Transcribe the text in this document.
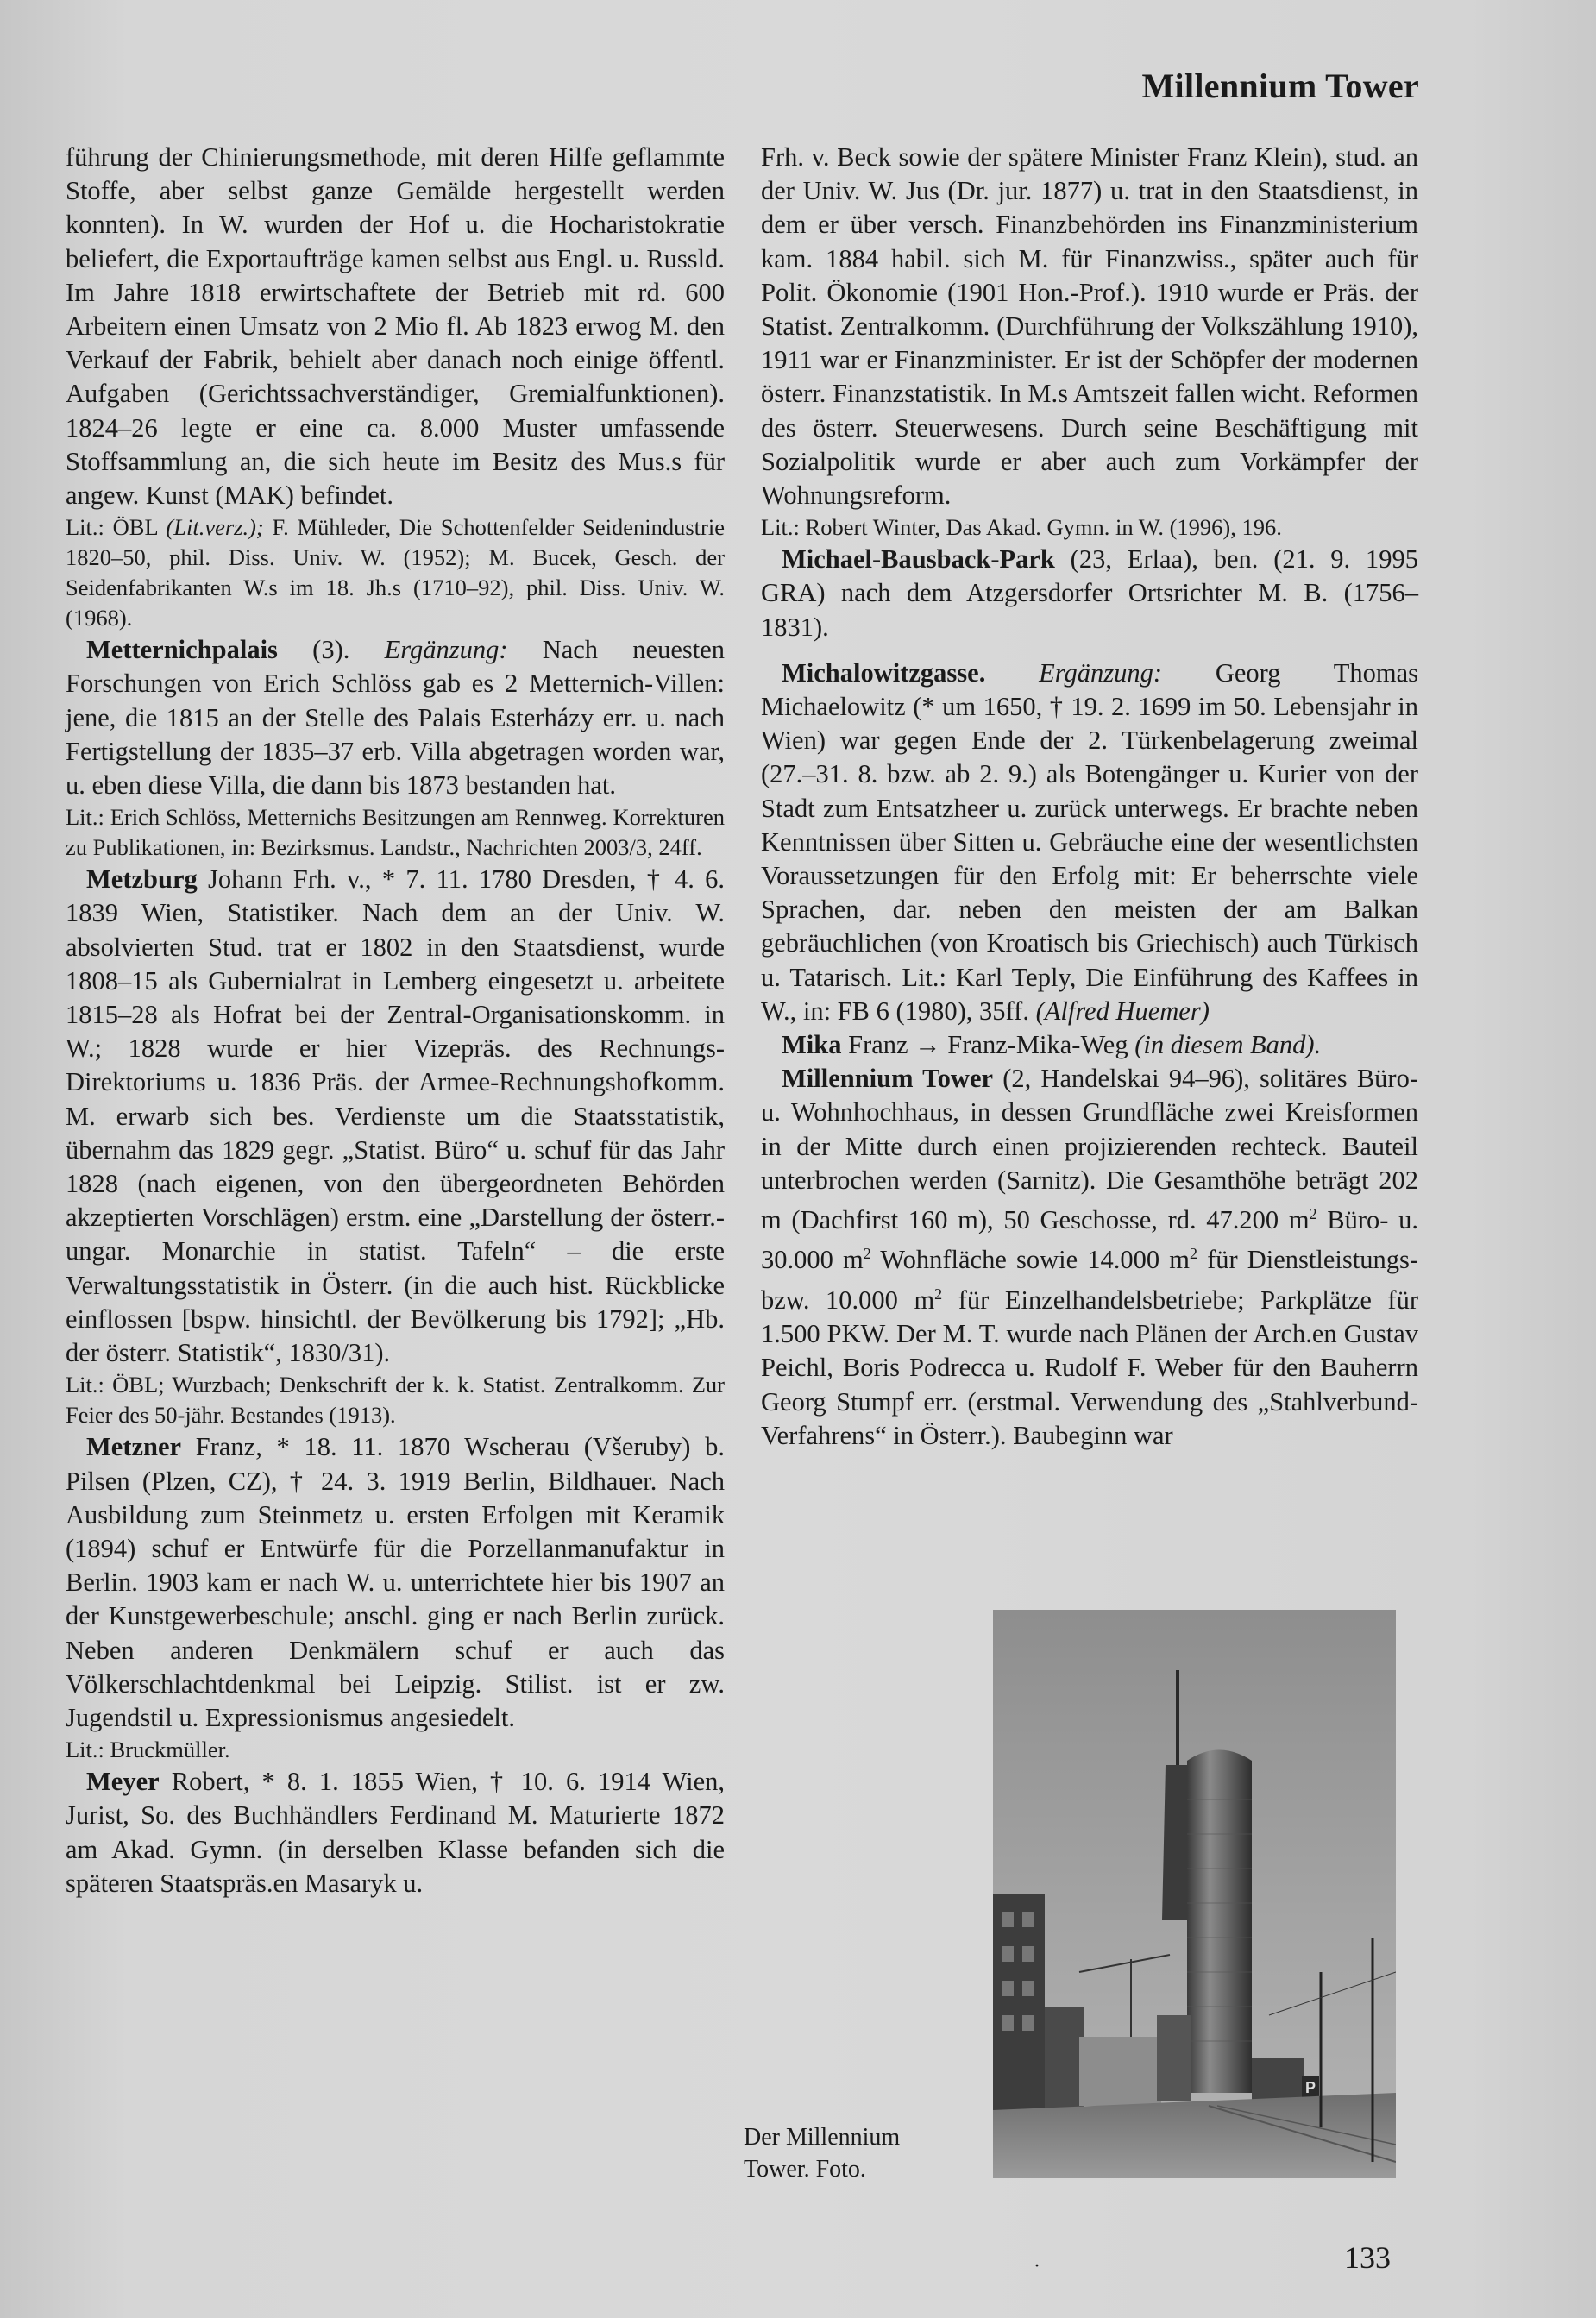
Millennium Tower

führung der Chinierungsmethode, mit deren Hilfe geflammte Stoffe, aber selbst ganze Gemälde hergestellt werden konnten). In W. wurden der Hof u. die Hocharistokratie beliefert, die Exportaufträge kamen selbst aus Engl. u. Russld. Im Jahre 1818 erwirtschaftete der Betrieb mit rd. 600 Arbeitern einen Umsatz von 2 Mio fl. Ab 1823 erwog M. den Verkauf der Fabrik, behielt aber danach noch einige öffentl. Aufgaben (Gerichtssachverständiger, Gremialfunktionen). 1824–26 legte er eine ca. 8.000 Muster umfassende Stoffsammlung an, die sich heute im Besitz des Mus.s für angew. Kunst (MAK) befindet.

Lit.: ÖBL (Lit.verz.); F. Mühleder, Die Schottenfelder Seidenindustrie 1820–50, phil. Diss. Univ. W. (1952); M. Bucek, Gesch. der Seidenfabrikanten W.s im 18. Jh.s (1710–92), phil. Diss. Univ. W. (1968).

Metternichpalais (3). Ergänzung: Nach neuesten Forschungen von Erich Schlöss gab es 2 Metternich-Villen: jene, die 1815 an der Stelle des Palais Esterházy err. u. nach Fertigstellung der 1835–37 erb. Villa abgetragen worden war, u. eben diese Villa, die dann bis 1873 bestanden hat.

Lit.: Erich Schlöss, Metternichs Besitzungen am Rennweg. Korrekturen zu Publikationen, in: Bezirksmus. Landstr., Nachrichten 2003/3, 24ff.

Metzburg Johann Frh. v., * 7. 11. 1780 Dresden, † 4. 6. 1839 Wien, Statistiker. Nach dem an der Univ. W. absolvierten Stud. trat er 1802 in den Staatsdienst, wurde 1808–15 als Gubernialrat in Lemberg eingesetzt u. arbeitete 1815–28 als Hofrat bei der Zentral-Organisationskomm. in W.; 1828 wurde er hier Vizepräs. des Rechnungs-Direktoriums u. 1836 Präs. der Armee-Rechnungshofkomm. M. erwarb sich bes. Verdienste um die Staatsstatistik, übernahm das 1829 gegr. „Statist. Büro“ u. schuf für das Jahr 1828 (nach eigenen, von den übergeordneten Behörden akzeptierten Vorschlägen) erstm. eine „Darstellung der österr.-ungar. Monarchie in statist. Tafeln“ – die erste Verwaltungsstatistik in Österr. (in die auch hist. Rückblicke einflossen [bspw. hinsichtl. der Bevölkerung bis 1792]; „Hb. der österr. Statistik“, 1830/31).

Lit.: ÖBL; Wurzbach; Denkschrift der k. k. Statist. Zentralkomm. Zur Feier des 50-jähr. Bestandes (1913).

Metzner Franz, * 18. 11. 1870 Wscherau (Všeruby) b. Pilsen (Plzen, CZ), † 24. 3. 1919 Berlin, Bildhauer. Nach Ausbildung zum Steinmetz u. ersten Erfolgen mit Keramik (1894) schuf er Entwürfe für die Porzellanmanufaktur in Berlin. 1903 kam er nach W. u. unterrichtete hier bis 1907 an der Kunstgewerbeschule; anschl. ging er nach Berlin zurück. Neben anderen Denkmälern schuf er auch das Völkerschlachtdenkmal bei Leipzig. Stilist. ist er zw. Jugendstil u. Expressionismus angesiedelt.

Lit.: Bruckmüller.

Meyer Robert, * 8. 1. 1855 Wien, † 10. 6. 1914 Wien, Jurist, So. des Buchhändlers Ferdinand M. Maturierte 1872 am Akad. Gymn. (in derselben Klasse befanden sich die späteren Staatspräs.en Masaryk u.

Frh. v. Beck sowie der spätere Minister Franz Klein), stud. an der Univ. W. Jus (Dr. jur. 1877) u. trat in den Staatsdienst, in dem er über versch. Finanzbehörden ins Finanzministerium kam. 1884 habil. sich M. für Finanzwiss., später auch für Polit. Ökonomie (1901 Hon.-Prof.). 1910 wurde er Präs. der Statist. Zentralkomm. (Durchführung der Volkszählung 1910), 1911 war er Finanzminister. Er ist der Schöpfer der modernen österr. Finanzstatistik. In M.s Amtszeit fallen wicht. Reformen des österr. Steuerwesens. Durch seine Beschäftigung mit Sozialpolitik wurde er aber auch zum Vorkämpfer der Wohnungsreform.

Lit.: Robert Winter, Das Akad. Gymn. in W. (1996), 196.

Michael-Bausback-Park (23, Erlaa), ben. (21. 9. 1995 GRA) nach dem Atzgersdorfer Ortsrichter M. B. (1756–1831).

Michalowitzgasse. Ergänzung: Georg Thomas Michaelowitz (* um 1650, † 19. 2. 1699 im 50. Lebensjahr in Wien) war gegen Ende der 2. Türkenbelagerung zweimal (27.–31. 8. bzw. ab 2. 9.) als Botengänger u. Kurier von der Stadt zum Entsatzheer u. zurück unterwegs. Er brachte neben Kenntnissen über Sitten u. Gebräuche eine der wesentlichsten Voraussetzungen für den Erfolg mit: Er beherrschte viele Sprachen, dar. neben den meisten der am Balkan gebräuchlichen (von Kroatisch bis Griechisch) auch Türkisch u. Tatarisch. Lit.: Karl Teply, Die Einführung des Kaffees in W., in: FB 6 (1980), 35ff. (Alfred Huemer)

Mika Franz → Franz-Mika-Weg (in diesem Band).

Millennium Tower (2, Handelskai 94–96), solitäres Büro- u. Wohnhochhaus, in dessen Grundfläche zwei Kreisformen in der Mitte durch einen projizierenden rechteck. Bauteil unterbrochen werden (Sarnitz). Die Gesamthöhe beträgt 202 m (Dachfirst 160 m), 50 Geschosse, rd. 47.200 $m^2$ Büro- u. 30.000 $m^2$ Wohnfläche sowie 14.000 $m^2$ für Dienstleistungs- bzw. 10.000 $m^2$ für Einzelhandelsbetriebe; Parkplätze für 1.500 PKW. Der M. T. wurde nach Plänen der Arch.en Gustav Peichl, Boris Podrecca u. Rudolf F. Weber für den Bauherrn Georg Stumpf err. (erstmal. Verwendung des „Stahlverbund-Verfahrens“ in Österr.). Baubeginn war

P
Der Millennium Tower. Foto.
·	133
